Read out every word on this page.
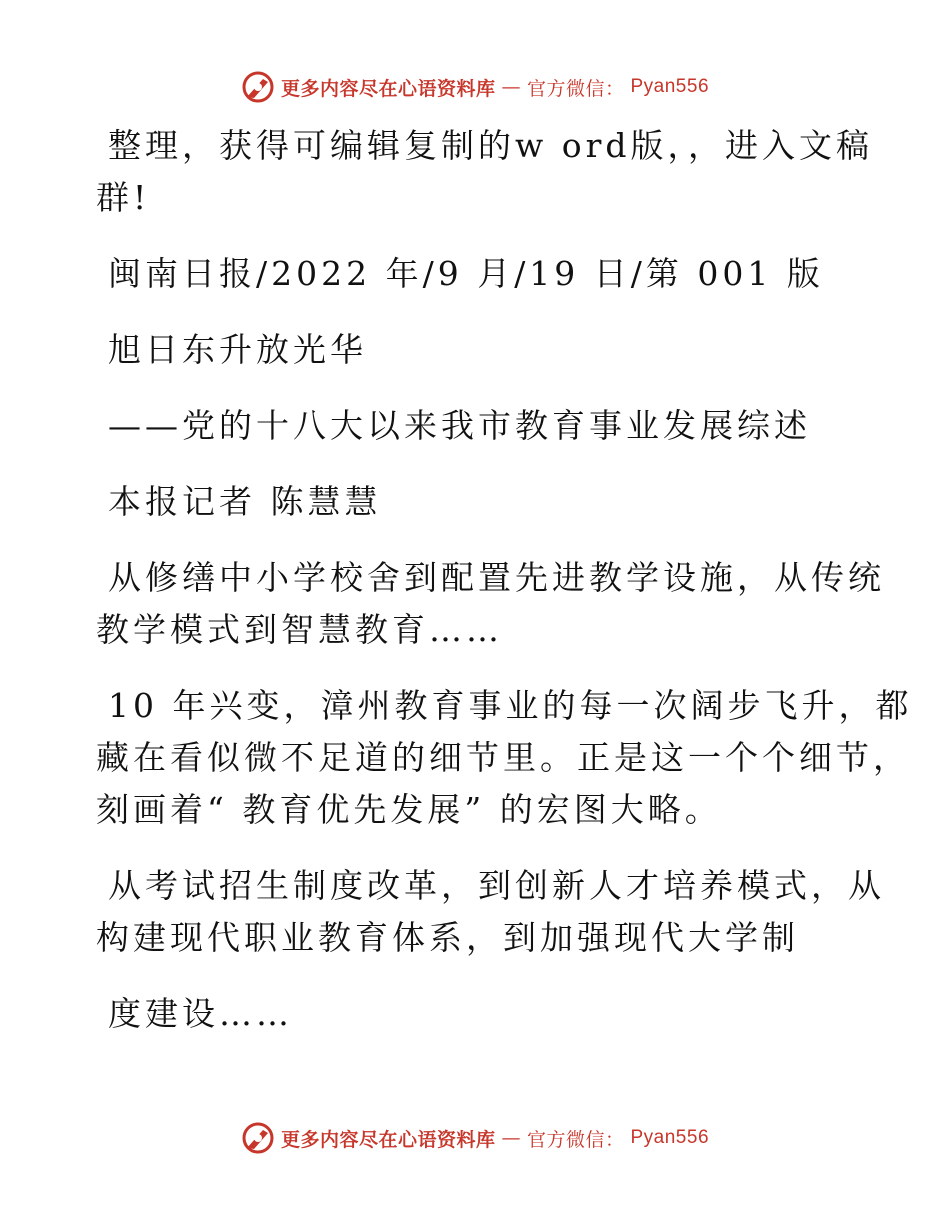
更多内容尽在心语资料库 — 官方微信： Pyan556
整理，获得可编辑复制的w ord版，，进入文稿
群!
闽南日报/2022 年/9 月/19 日/第 001 版
旭日东升放光华
——党的十八大以来我市教育事业发展综述
本报记者 陈慧慧
从修缮中小学校舍到配置先进教学设施，从传统
教学模式到智慧教育……
10 年兴变，漳州教育事业的每一次阔步飞升，都
藏在看似微不足道的细节里。正是这一个个细节，
刻画着“ 教育优先发展” 的宏图大略。
从考试招生制度改革，到创新人才培养模式，从
构建现代职业教育体系，到加强现代大学制
度建设……
更多内容尽在心语资料库 — 官方微信： Pyan556
